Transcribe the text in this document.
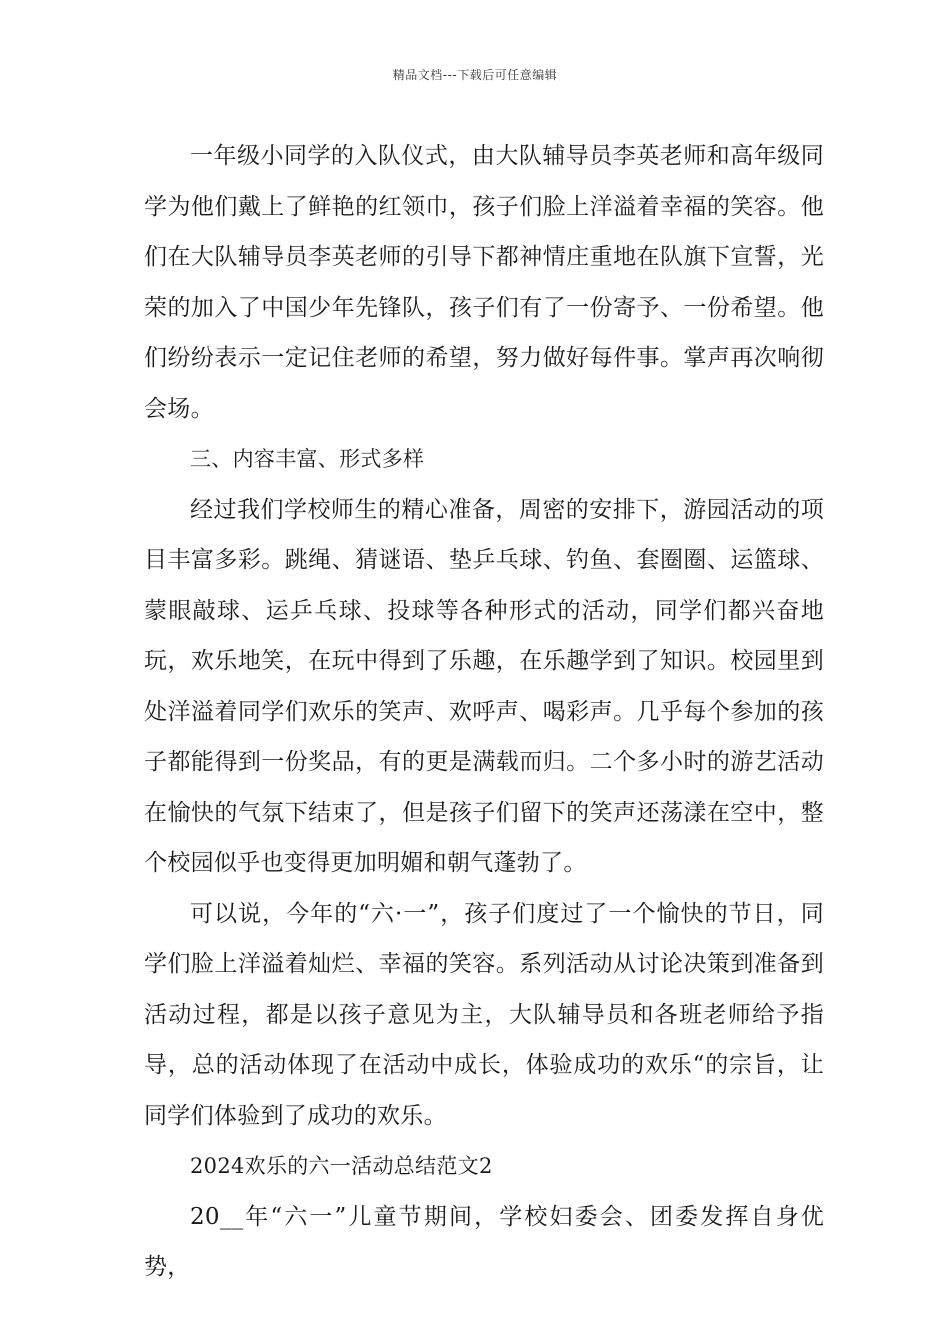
精品文档---下载后可任意编辑

一年级小同学的入队仪式，由大队辅导员李英老师和高年级同学为他们戴上了鲜艳的红领巾，孩子们脸上洋溢着幸福的笑容。他们在大队辅导员李英老师的引导下都神情庄重地在队旗下宣誓，光荣的加入了中国少年先锋队，孩子们有了一份寄予、一份希望。他们纷纷表示一定记住老师的希望，努力做好每件事。掌声再次响彻会场。

三、内容丰富、形式多样

经过我们学校师生的精心准备，周密的安排下，游园活动的项目丰富多彩。跳绳、猜谜语、垫乒乓球、钓鱼、套圈圈、运篮球、蒙眼敲球、运乒乓球、投球等各种形式的活动，同学们都兴奋地玩，欢乐地笑，在玩中得到了乐趣，在乐趣学到了知识。校园里到处洋溢着同学们欢乐的笑声、欢呼声、喝彩声。几乎每个参加的孩子都能得到一份奖品，有的更是满载而归。二个多小时的游艺活动在愉快的气氛下结束了，但是孩子们留下的笑声还荡漾在空中，整个校园似乎也变得更加明媚和朝气蓬勃了。

可以说，今年的“六·一”，孩子们度过了一个愉快的节日，同学们脸上洋溢着灿烂、幸福的笑容。系列活动从讨论决策到准备到活动过程，都是以孩子意见为主，大队辅导员和各班老师给予指导，总的活动体现了在活动中成长，体验成功的欢乐“的宗旨，让同学们体验到了成功的欢乐。

2024欢乐的六一活动总结范文2

20__年“六一”儿童节期间，学校妇委会、团委发挥自身优势，
